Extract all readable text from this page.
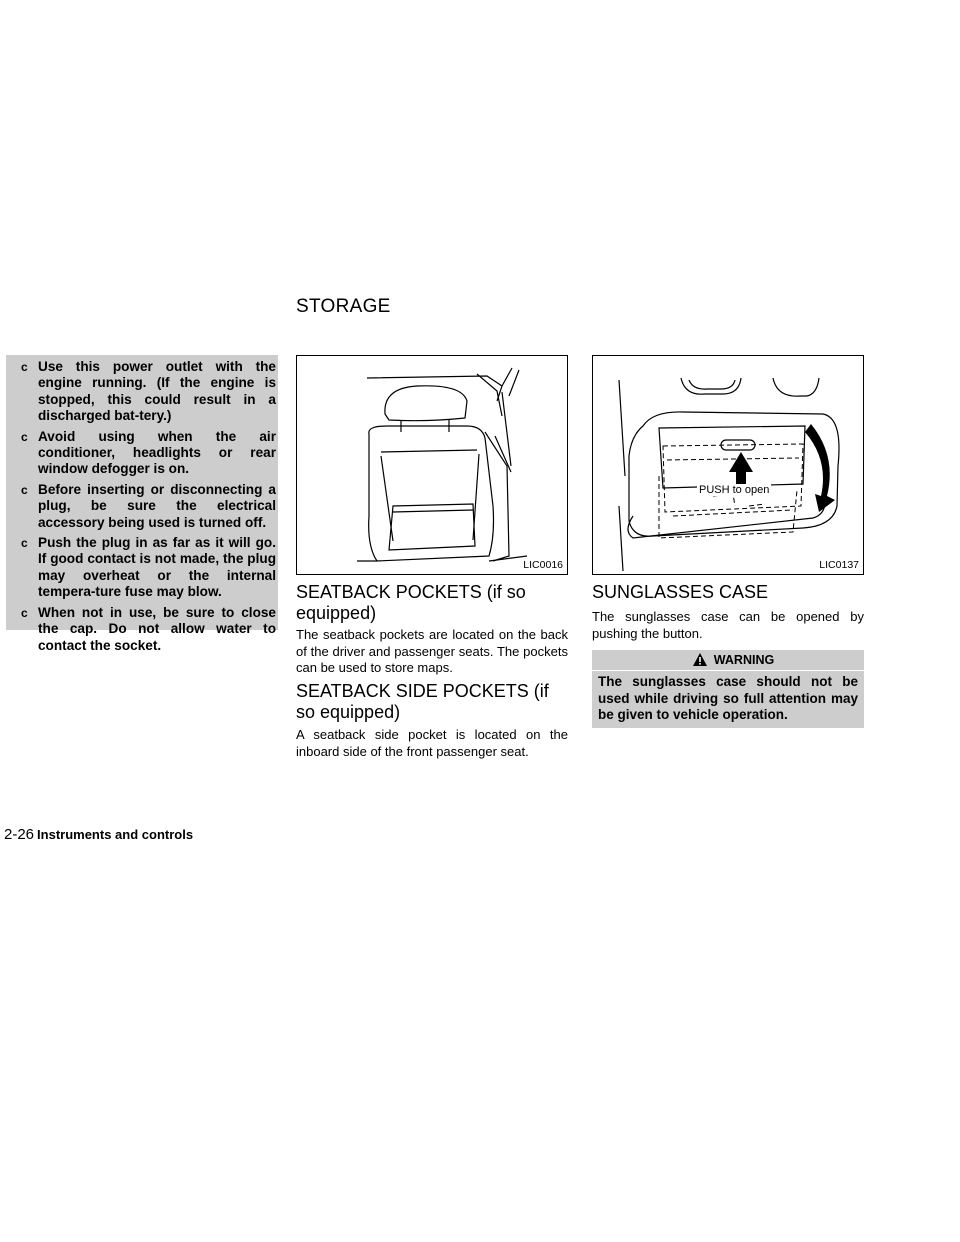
STORAGE
c Use this power outlet with the engine running. (If the engine is stopped, this could result in a discharged bat-tery.)
c Avoid using when the air conditioner, headlights or rear window defogger is on.
c Before inserting or disconnecting a plug, be sure the electrical accessory being used is turned off.
c Push the plug in as far as it will go. If good contact is not made, the plug may overheat or the internal tempera-ture fuse may blow.
c When not in use, be sure to close the cap. Do not allow water to contact the socket.
LIC0016
PUSH to open
LIC0137
SEATBACK POCKETS (if so equipped)
The seatback pockets are located on the back of the driver and passenger seats. The pockets can be used to store maps.
SEATBACK SIDE POCKETS (if so equipped)
A seatback side pocket is located on the inboard side of the front passenger seat.
SUNGLASSES CASE
The sunglasses case can be opened by pushing the button.
WARNING
The sunglasses case should not be used while driving so full attention may be given to vehicle operation.
2-26 Instruments and controls
